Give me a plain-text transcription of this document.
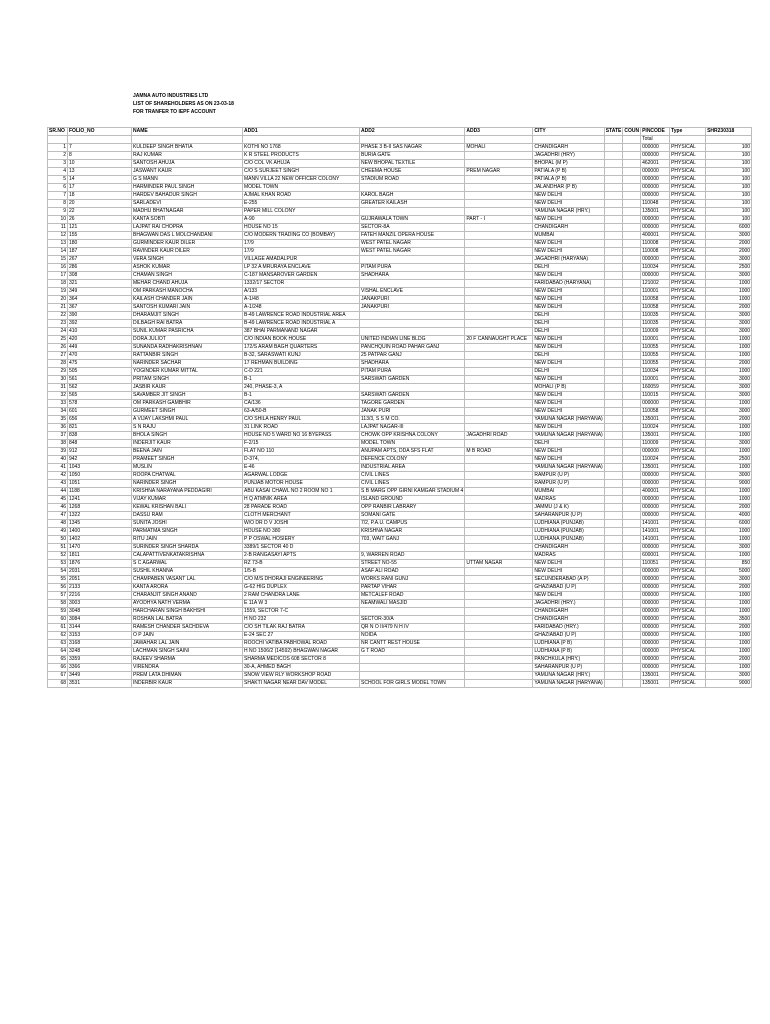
JAMNA AUTO INDUSTRIES LTD
LIST OF SHAREHOLDERS AS ON 23-03-18
FOR TRANFER TO IEPF ACCOUNT
SR.NO	FOLIO_NO	NAME	ADD1	ADD2	ADD3	CITY	STATE	COUN	PINCODE	Type	SHR230318
									Total		
1	7	KULDEEP SINGH BHATIA	KOTHI NO 1768	PHASE 3 B-II SAS NAGAR	MOHALI	CHANDIGARH			000000	PHYSICAL	100
2	8	RAJ KUMAR	K R STEEL PRODUCTS	BURIA GATE		JAGADHRI (HRY)			000000	PHYSICAL	100
3	10	SANTOSH AHUJA	C/O COL VK AHUJA	NEW BHOPAL TEXTILE		BHOPAL (M P)			462001	PHYSICAL	100
4	13	JASWANT KAUR	C/O S SURJEET SINGH	CHEEMA HOUSE	PREM NAGAR	PATIALA (P B)			000000	PHYSICAL	100
5	14	G S MANN	MANN VILLA 22 NEW OFFICER COLONY	STADIUM ROAD		PATIALA (P B)			000000	PHYSICAL	100
6	17	HARMINDER PAUL SINGH	MODEL TOWN			JALANDHAR (P B)			000000	PHYSICAL	100
7	18	HARDEV BAHADUR SINGH	AJMAL KHAN ROAD	KAROL BAGH		NEW DELHI			000000	PHYSICAL	100
8	20	SARLADEVI	E-255	GREATER KAILASH		NEW DELHI			110048	PHYSICAL	100
9	22	MADHU BHATNAGAR	PAPER MILL COLONY			YAMUNA NAGAR (HRY.)			135001	PHYSICAL	100
10	26	KANTA SOBTI	A-90	GUJRAWALA TOWN	PART - I	NEW DELHI			000000	PHYSICAL	100
11	121	LAJPAT RAI CHOPRA	HOUSE NO 15	SECTOR-8A		CHANDIGARH			000000	PHYSICAL	6000
12	155	BHAGWAN DAS L MOLCHANDANI	C/O MODERN TRADING CO (BOMBAY)	FATEH MANZIL OPERA HOUSE		MUMBAI			400001	PHYSICAL	3000
13	180	GURMINDER KAUR DILER	17/9	WEST PATEL NAGAR		NEW DELHI			110008	PHYSICAL	2000
14	187	RAVINDER KAUR DILER	17/9	WEST PATEL NAGAR		NEW DELHI			110008	PHYSICAL	2000
15	267	VERA SINGH	VILLAGE AMADALPUR			JAGADHRI (HARYANA)			000000	PHYSICAL	3000
16	286	ASHOK KUMAR	LP 32 A MRURAYA ENCLAVE	PITAM PURA		DELHI			110034	PHYSICAL	2500
17	308	CHAMAN SINGH	C-187 MANSAROVER GARDEN	SHADHARA		NEW DELHI			000000	PHYSICAL	3000
18	321	MEHAR CHAND AHUJA	1332/17 SECTOR			FARIDABAD (HARYANA)			121002	PHYSICAL	1000
19	349	OM PARKASH MANOCHA	A/133	VISHAL ENCLAVE		NEW DELHI			110001	PHYSICAL	1000
20	364	KAILASH CHANDER JAIN	A-1/48	JANAKPURI		NEW DELHI			110058	PHYSICAL	1000
21	367	SANTOSH KUMARI JAIN	A-1/248	JANAKPURI		NEW DELHI			110058	PHYSICAL	2000
22	390	DHARAMJIT SINGH	B-49 LAWRENCE ROAD INDUSTRIAL AREA			DELHI			110035	PHYSICAL	3000
23	392	DILBAGH RAI BATRA	B-49 LAWRENCE ROAD INDUSTRIAL A			DELHI			110035	PHYSICAL	3000
24	410	SUNIL KUMAR PASRICHA	387 BHAI PARMANAND NAGAR			DELHI			110009	PHYSICAL	3000
25	420	DORA JULIOT	C/O INDIAN BOOK HOUSE	UNITED INDIAN LINE BLDG	20 F CANNAUGHT PLACE	NEW DELHI			110001	PHYSICAL	1000
26	449	SUNANDA RADHAKRISHNAN	172/S ARAM BAGH QUARTERS	PANCHQUIN ROAD PAHAR GANJ		NEW DELHI			110055	PHYSICAL	1000
27	470	RATTANBIR SINGH	B-32, SARASWATI KUNJ	25 PATPAR GANJ		DELHI			110055	PHYSICAL	1000
28	475	NARINDER SACHAR	17 REHMAN BUILDING	SHADHARA		NEW DELHI			110055	PHYSICAL	2000
29	505	YOGINDER KUMAR MITTAL	C-D 221	PITAM PURA		DELHI			110034	PHYSICAL	1000
30	561	PRITAM SINGH	B-1	SARSWATI GARDEN		NEW DELHI			110001	PHYSICAL	3000
31	562	JASBIR KAUR	240, PHASE-3, A			MOHALI (P B)			160059	PHYSICAL	3000
32	565	SAVAMBER JIT SINGH	B-1	SARSWATI GARDEN		NEW DELHI			110015	PHYSICAL	3000
33	578	OM PARKASH GAMBHIR	CA/136	TAGORE GARDEN		NEW DELHI			000000	PHYSICAL	1000
34	601	GURMEET SINGH	63-A/50-B	JANAK PURI		NEW DELHI			110058	PHYSICAL	3000
35	656	A VIJAY LAKSHMI PAUL	C/O SHILA HENRY PAUL	113/3, S S M CO.		YAMUNA NAGAR (HARYANA)			135001	PHYSICAL	2000
36	821	S N RAJU	31 LINK ROAD	LAJPAT NAGAR-III		NEW DELHI			110024	PHYSICAL	1000
37	838	BHOLA SINGH	HOUSE NO 5 WARD NO 16 BYEPASS	CHOWK OPP KRISHNA COLONY	JAGADHRI ROAD	YAMUNA NAGAR (HARYANA)			135001	PHYSICAL	1000
38	848	INDERJIT KAUR	F-2/15	MODEL TOWN		DELHI			110009	PHYSICAL	3000
39	912	BEENA JAIN	FLAT NO 110	ANUPAM APTS, DDA SFS FLAT	M B ROAD	NEW DELHI			000000	PHYSICAL	1000
40	942	PRAMEET SINGH	D-374,	DEFENCE COLONY		NEW DELHI			110024	PHYSICAL	2500
41	1043	MUSLIN	E-46	INDUSTRIAL AREA		YAMUNA NAGAR (HARYANA)			135001	PHYSICAL	1000
42	1050	ROOPA CHATWAL	AGARWAL LODGE	CIVIL LINES		RAMPUR (U P)			000000	PHYSICAL	3000
43	1051	NARINDER SINGH	PUNJAB MOTOR HOUSE	CIVIL LINES		RAMPUR (U P)			000000	PHYSICAL	9000
44	1188	KRISHNA NARAYANA PEDDAGIRI	ABU KASAI CHAWL NO 2 ROOM NO 1	S B MARG OPP GIRNI KAMGAR STADIUM 4		MUMBAI			400001	PHYSICAL	1000
45	1241	VIJAY KUMAR	H Q ATMNIK AREA	ISLAND GROUND		MADRAS			000000	PHYSICAL	1000
46	1268	KEWAL KRISHAN BALI	28 PARADE ROAD	OPP RANBIR LABRARY		JAMMU (J & K)			000000	PHYSICAL	2000
47	1322	DASSU RAM	CLOTH MERCHANT	SOMANI GATE		SAHARANPUR (U P)			000000	PHYSICAL	4000
48	1345	SUNITA JOSHI	W/O DR D V JOSHI	7/2, P.A.U. CAMPUS		LUDHIANA (PUNJAB)			141001	PHYSICAL	6000
49	1400	PARMATMA SINGH	HOUSE NO 380	KRISHNA NAGAR		LUDHIANA (PUNJAB)			141001	PHYSICAL	1000
50	1402	RITU JAIN	P P OSWAL HOSIERY	703, WAIT GANJ		LUDHIANA (PUNJAB)			141001	PHYSICAL	1000
51	1470	SURINDER SINGH SHARDA	3389/1 SECTOR 40 D			CHANDIGARH			000000	PHYSICAL	3000
52	1811	CALAPATTIVENKATAKRISHNA	2-B RANGASAYI APTS	9, WARREN ROAD		MADRAS			600001	PHYSICAL	1000
53	1876	S C AGARWAL	RZ 73-B	STREET NO-55	UTTAM NAGAR	NEW DELHI			110051	PHYSICAL	850
54	2031	SUSHIL KHANNA	1/5-B	ASAF ALI ROAD		NEW DELHI			000000	PHYSICAL	5000
55	2051	CHAMPABEN VASANT LAL	C/O M/S DHORAJI ENGINEERING	WORKS RANI GUNJ		SECUNDERABAD (A P)			000000	PHYSICAL	3000
56	2133	KANTA ARORA	G-62 HIG DUPLEX	PARTAP VIHAR		GHAZIABAD (U P)			000000	PHYSICAL	2000
57	2216	CHARANJIT SINGH ANAND	2 RAM CHANDRA LANE	METCALEF ROAD		NEW DELHI			000000	PHYSICAL	1000
58	3003	AYODHYA NATH VERMA	E 11A W 3	NEAMWALI MASJID		JAGADHRI (HRY.)			000000	PHYSICAL	1000
59	3048	HARCHARAN SINGH BAKHSHI	1559, SECTOR 7-C			CHANDIGARH			000000	PHYSICAL	1000
60	3084	ROSHAN LAL BATRA	H NO 232	SECTOR-30/A		CHANDIGARH			000000	PHYSICAL	3500
61	3144	RAMESH CHANDER SACHDEVA	C/O SH TILAK RAJ BATRA	QR N O II/479 N H IV		FARIDABAD (HRY.)			000000	PHYSICAL	2000
62	3153	O P JAIN	E-24 SEC 27	NOIDA		GHAZIABAD (U P)			000000	PHYSICAL	1000
63	3168	JAWAHAR LAL JAIN	ROOCHI VATIBA PABHOWAL ROAD	NR CANTT REST HOUSE		LUDHIANA (P B)			000000	PHYSICAL	1000
64	3248	LACHMAN SINGH SAINI	H NO 1506/2 (14592) BHAGWAN NAGAR	G T ROAD		LUDHIANA (P B)			000000	PHYSICAL	1000
65	3359	RAJEEV SHARMA	SHARMA MEDICOS 608 SECTOR 8			PANCHKULA (HRY.)			000000	PHYSICAL	2000
66	3366	VIRENDRA	30-A, AHMED BAGH			SAHARANPUR (U P)			000000	PHYSICAL	1000
67	3449	PREM LATA DHIMAN	SNOW VIEW RLY WORKSHOP ROAD			YAMUNA NAGAR (HRY.)			135001	PHYSICAL	3000
68	3531	INDERBIR KAUR	SHAKTI NAGAR NEAR DAV MODEL	SCHOOL FOR GIRLS MODEL TOWN		YAMUNA NAGAR (HARYANA)			135001	PHYSICAL	9000
